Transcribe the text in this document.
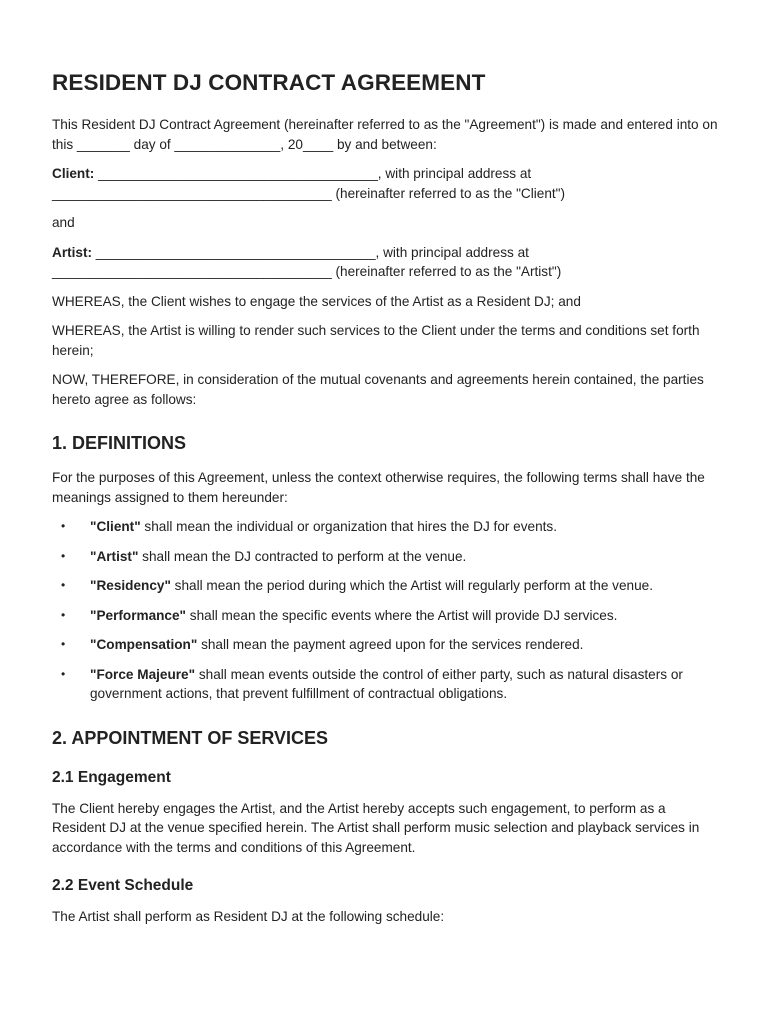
RESIDENT DJ CONTRACT AGREEMENT

This Resident DJ Contract Agreement (hereinafter referred to as the "Agreement") is made and entered into on this _______ day of ______________, 20____ by and between:

Client: _____________________________________, with principal address at _____________________________________ (hereinafter referred to as the "Client")

and

Artist: _____________________________________, with principal address at _____________________________________ (hereinafter referred to as the "Artist")

WHEREAS, the Client wishes to engage the services of the Artist as a Resident DJ; and

WHEREAS, the Artist is willing to render such services to the Client under the terms and conditions set forth herein;

NOW, THEREFORE, in consideration of the mutual covenants and agreements herein contained, the parties hereto agree as follows:

1. DEFINITIONS

For the purposes of this Agreement, unless the context otherwise requires, the following terms shall have the meanings assigned to them hereunder:

• "Client" shall mean the individual or organization that hires the DJ for events.
• "Artist" shall mean the DJ contracted to perform at the venue.
• "Residency" shall mean the period during which the Artist will regularly perform at the venue.
• "Performance" shall mean the specific events where the Artist will provide DJ services.
• "Compensation" shall mean the payment agreed upon for the services rendered.
• "Force Majeure" shall mean events outside the control of either party, such as natural disasters or government actions, that prevent fulfillment of contractual obligations.
2. APPOINTMENT OF SERVICES
2.1 Engagement

The Client hereby engages the Artist, and the Artist hereby accepts such engagement, to perform as a Resident DJ at the venue specified herein. The Artist shall perform music selection and playback services in accordance with the terms and conditions of this Agreement.

2.2 Event Schedule

The Artist shall perform as Resident DJ at the following schedule:
